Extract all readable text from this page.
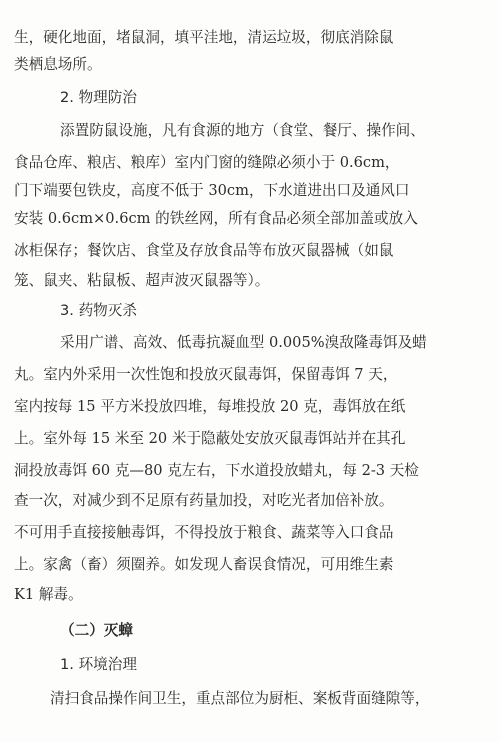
生，硬化地面，堵鼠洞，填平洼地，清运垃圾，彻底消除鼠

类栖息场所。

2. 物理防治

添置防鼠设施，凡有食源的地方（食堂、餐厅、操作间、

食品仓库、粮店、粮库）室内门窗的缝隙必须小于 0.6cm，

门下端要包铁皮，高度不低于 30cm，下水道进出口及通风口

安装 0.6cm×0.6cm 的铁丝网，所有食品必须全部加盖或放入

冰柜保存；餐饮店、食堂及存放食品等布放灭鼠器械（如鼠

笼、鼠夹、粘鼠板、超声波灭鼠器等）。

3. 药物灭杀

采用广谱、高效、低毒抗凝血型 0.005%溴敌隆毒饵及蜡

丸。室内外采用一次性饱和投放灭鼠毒饵，保留毒饵 7 天，

室内按每 15 平方米投放四堆，每堆投放 20 克，毒饵放在纸

上。室外每 15 米至 20 米于隐蔽处安放灭鼠毒饵站并在其孔

洞投放毒饵 60 克—80 克左右，下水道投放蜡丸，每 2-3 天检

查一次，对减少到不足原有药量加投，对吃光者加倍补放。

不可用手直接接触毒饵，不得投放于粮食、蔬菜等入口食品

上。家禽（畜）须圈养。如发现人畜误食情况，可用维生素

K1 解毒。

（二）灭蟑

1. 环境治理

清扫食品操作间卫生，重点部位为厨柜、案板背面缝隙等，
